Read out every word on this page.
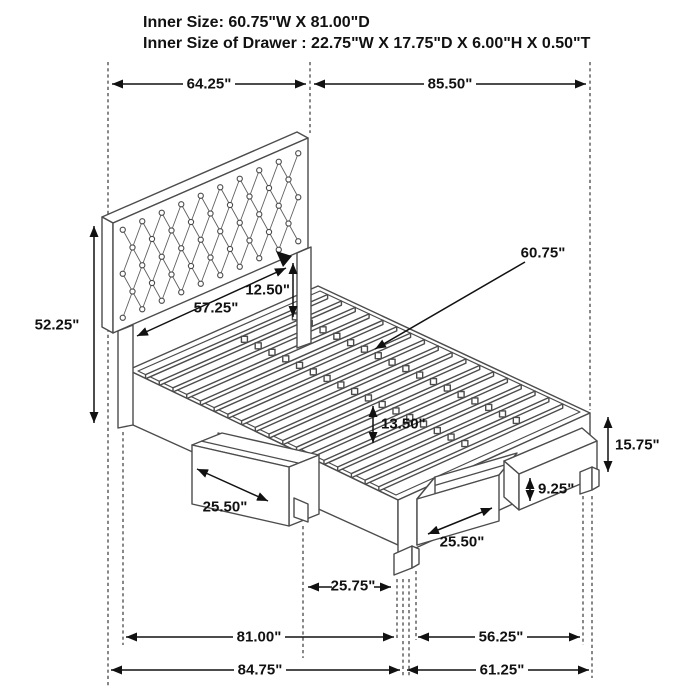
Inner Size: 60.75"W X 81.00"D
Inner Size of Drawer : 22.75"W X 17.75"D X 6.00"H X 0.50"T
64.25"	85.50"
52.25"
57.25"
12.50"
60.75"
13.50"
15.75"
9.25"
25.50"
25.50"
25.75"
81.00"	56.25"
84.75"	61.25"
